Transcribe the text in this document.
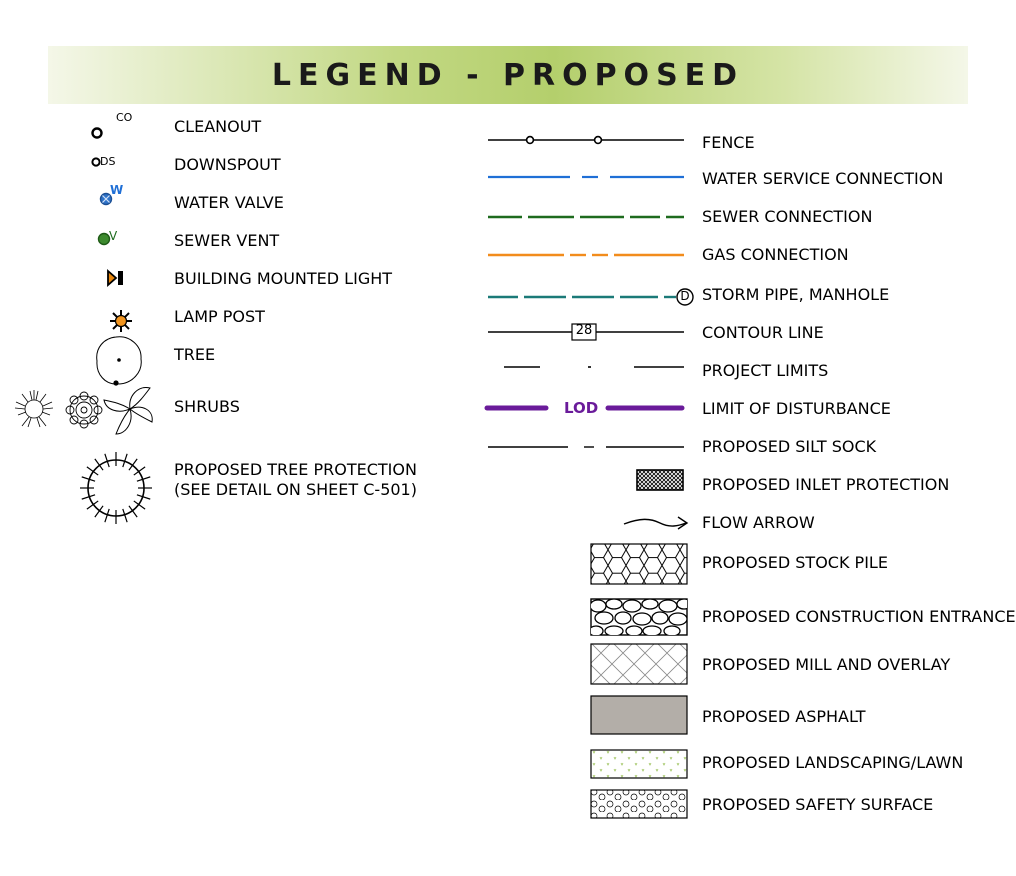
LEGEND - PROPOSED
CO	CLEANOUT
DS	DOWNSPOUT
W
WATER VALVE
V	SEWER VENT
BUILDING MOUNTED LIGHT
LAMP POST
TREE
SHRUBS
PROPOSED TREE PROTECTION
(SEE DETAIL ON SHEET C-501)
FENCE
WATER SERVICE CONNECTION
SEWER CONNECTION
GAS CONNECTION
D STORM PIPE, MANHOLE
28	CONTOUR LINE
PROJECT LIMITS
LOD	LIMIT OF DISTURBANCE
PROPOSED SILT SOCK
PROPOSED INLET PROTECTION
FLOW ARROW
PROPOSED STOCK PILE
PROPOSED CONSTRUCTION ENTRANCE
PROPOSED MILL AND OVERLAY
PROPOSED ASPHALT
PROPOSED LANDSCAPING/LAWN
PROPOSED SAFETY SURFACE
